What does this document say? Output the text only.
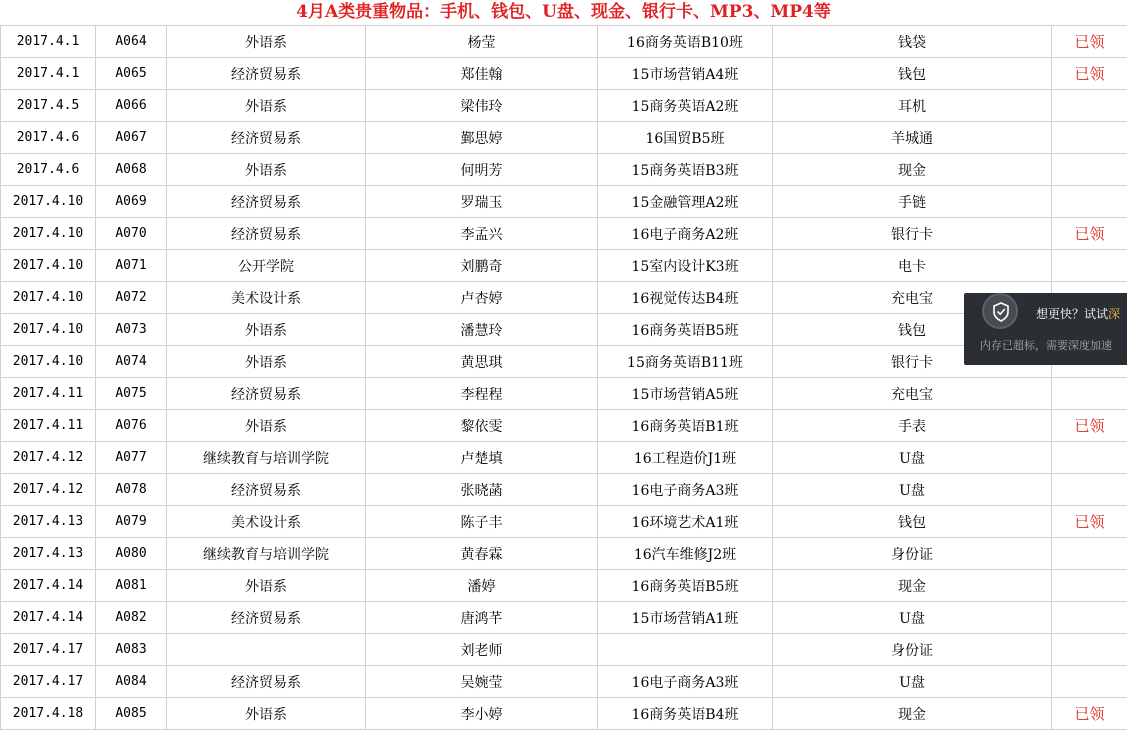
4月A类贵重物品：手机、钱包、U盘、现金、银行卡、MP3、MP4等
2017.4.1	A064	外语系	杨莹	16商务英语B10班	钱袋	已领
2017.4.1	A065	经济贸易系	郑佳翰	15市场营销A4班	钱包	已领
2017.4.5	A066	外语系	梁伟玲	15商务英语A2班	耳机	
2017.4.6	A067	经济贸易系	鄞思婷	16国贸B5班	羊城通	
2017.4.6	A068	外语系	何明芳	15商务英语B3班	现金	
2017.4.10	A069	经济贸易系	罗瑞玉	15金融管理A2班	手链	
2017.4.10	A070	经济贸易系	李孟兴	16电子商务A2班	银行卡	已领
2017.4.10	A071	公开学院	刘鹏奇	15室内设计K3班	电卡	
2017.4.10	A072	美术设计系	卢杏婷	16视觉传达B4班	充电宝	
2017.4.10	A073	外语系	潘慧玲	16商务英语B5班	钱包	
2017.4.10	A074	外语系	黄思琪	15商务英语B11班	银行卡	
2017.4.11	A075	经济贸易系	李程程	15市场营销A5班	充电宝	
2017.4.11	A076	外语系	黎依雯	16商务英语B1班	手表	已领
2017.4.12	A077	继续教育与培训学院	卢楚填	16工程造价J1班	U盘	
2017.4.12	A078	经济贸易系	张晓菡	16电子商务A3班	U盘	
2017.4.13	A079	美术设计系	陈子丰	16环境艺术A1班	钱包	已领
2017.4.13	A080	继续教育与培训学院	黄春霖	16汽车维修J2班	身份证	
2017.4.14	A081	外语系	潘婷	16商务英语B5班	现金	
2017.4.14	A082	经济贸易系	唐鸿芊	15市场营销A1班	U盘	
2017.4.17	A083		刘老师		身份证	
2017.4.17	A084	经济贸易系	吴婉莹	16电子商务A3班	U盘	
2017.4.18	A085	外语系	李小婷	16商务英语B4班	现金	已领
想更快？试试深
内存已超标，需要深度加速
